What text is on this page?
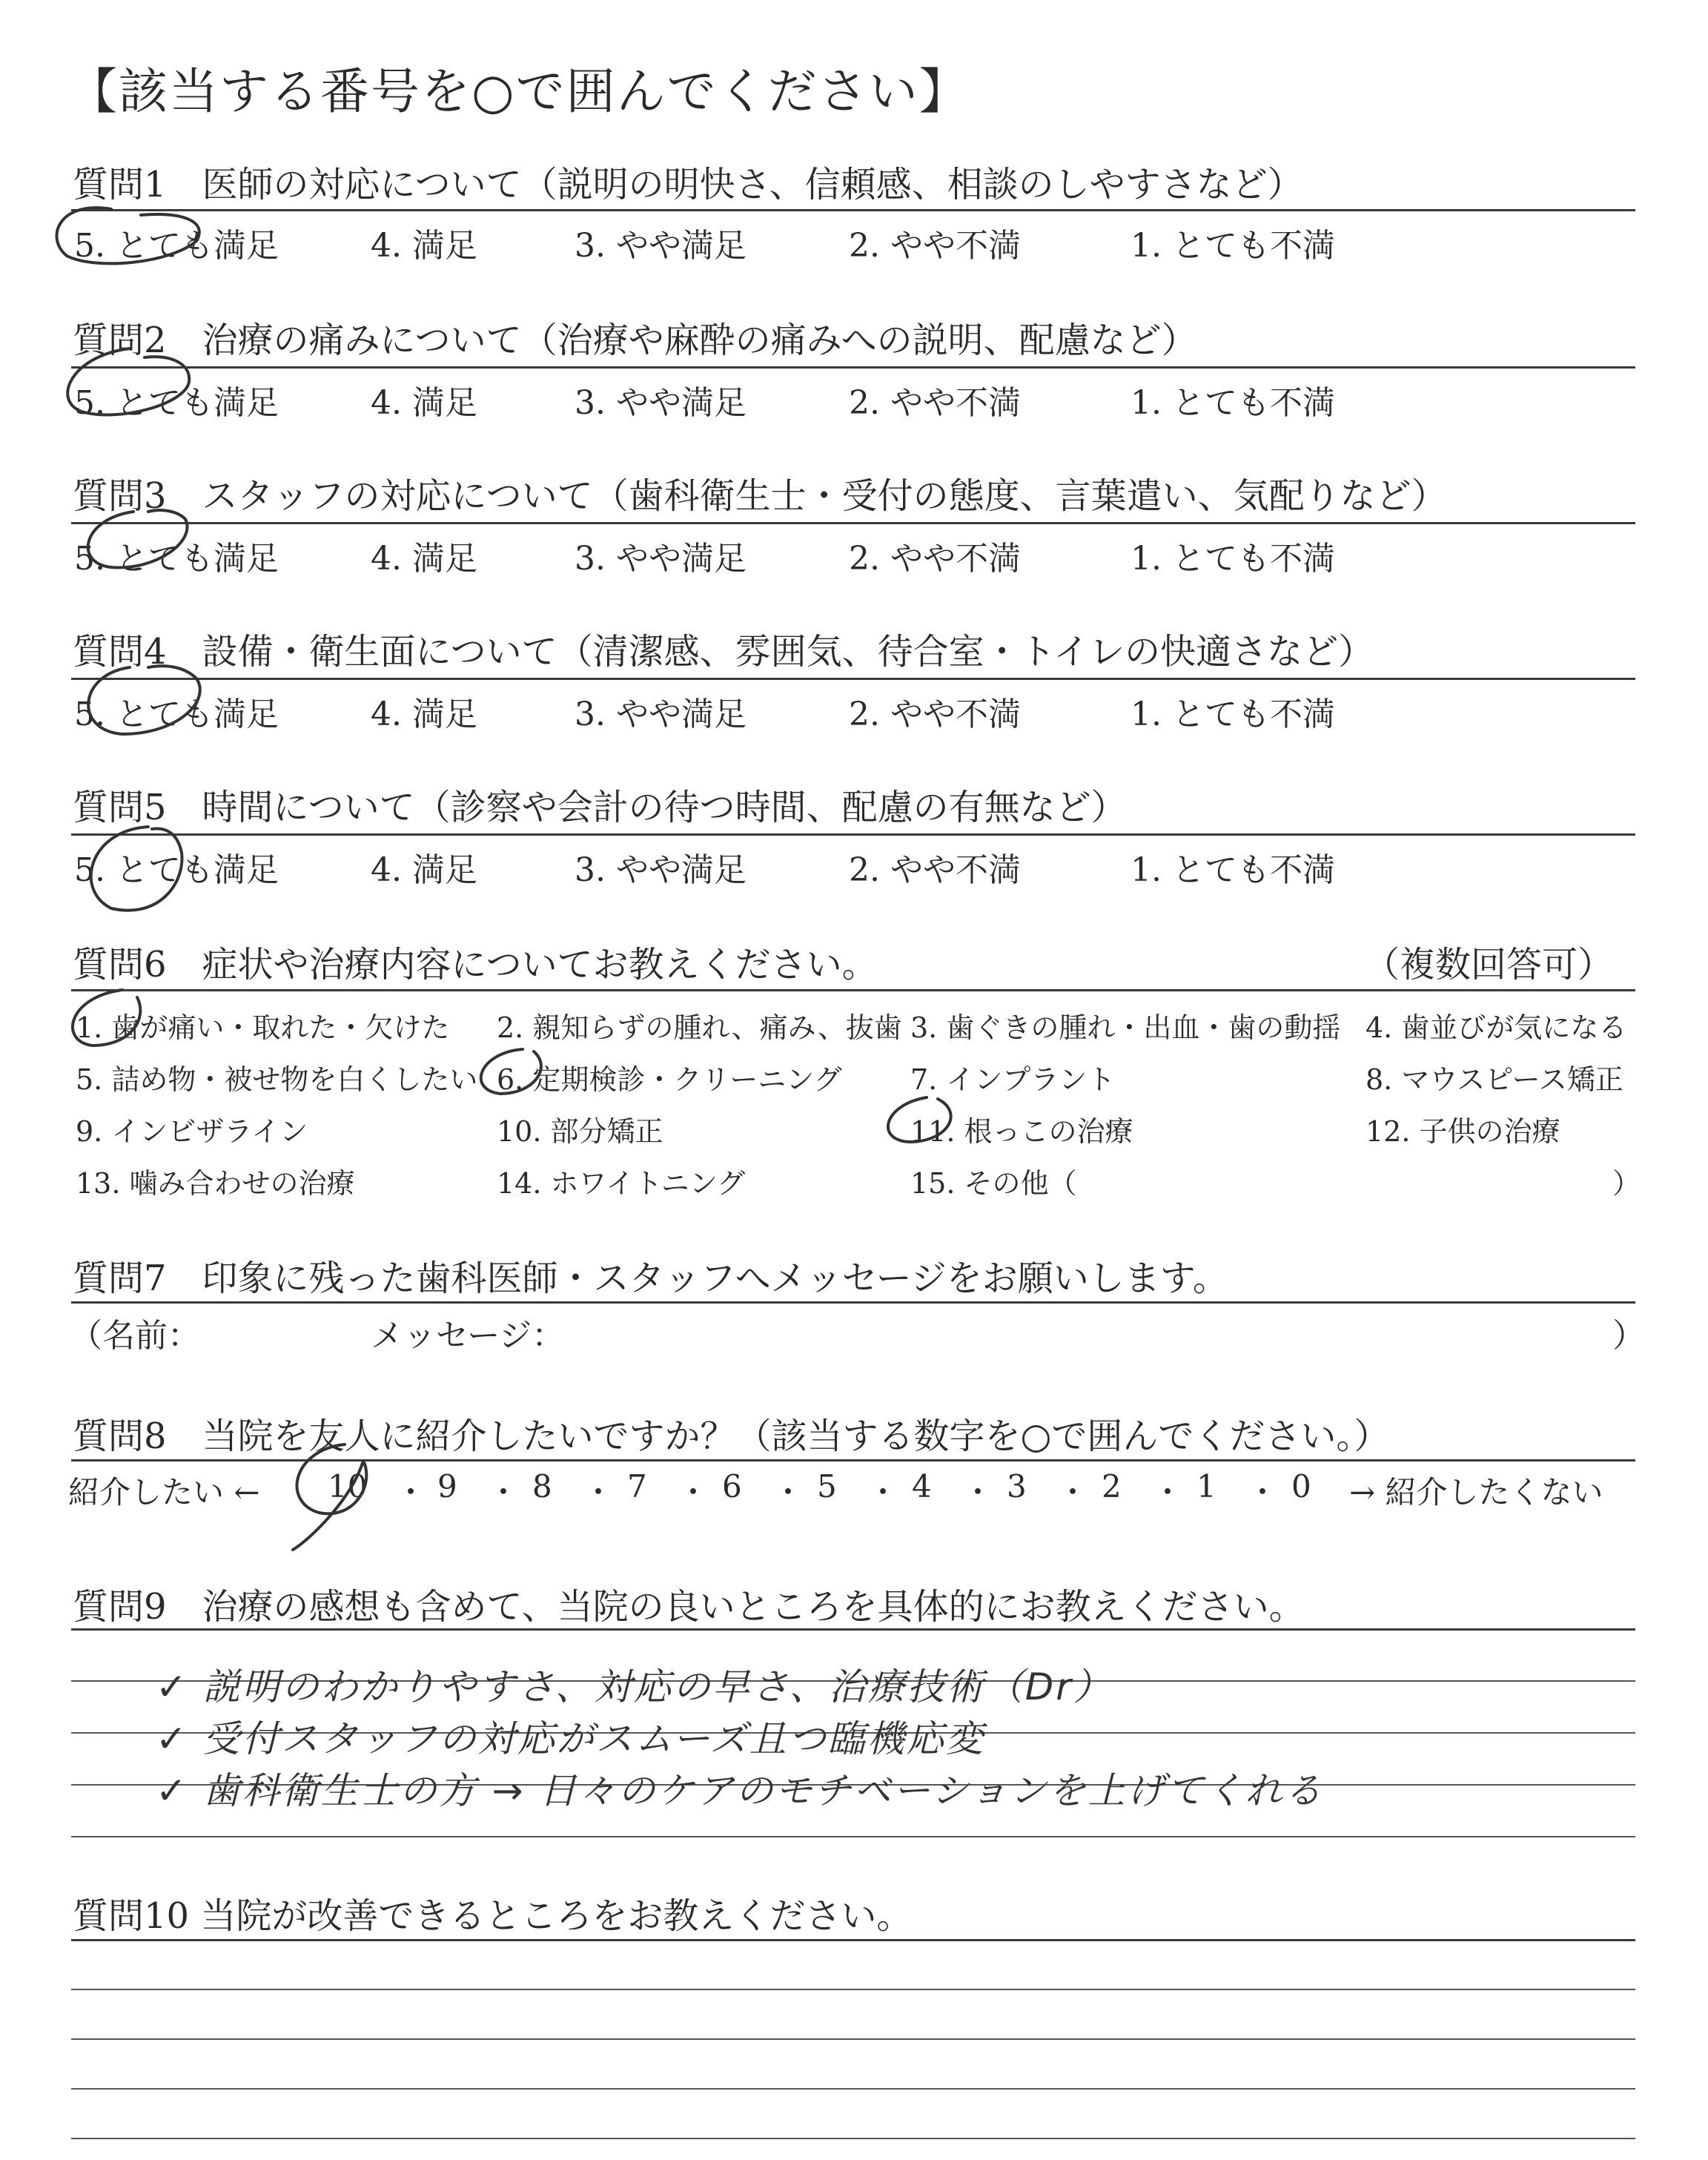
【該当する番号を○で囲んでください】
質問1　医師の対応について（説明の明快さ、信頼感、相談のしやすさなど）
5. とても満足	4. 満足	3. やや満足	2. やや不満	1. とても不満
質問2　治療の痛みについて（治療や麻酔の痛みへの説明、配慮など）
5. とても満足	4. 満足	3. やや満足	2. やや不満	1. とても不満
質問3　スタッフの対応について（歯科衛生士・受付の態度、言葉遣い、気配りなど）
5. とても満足	4. 満足	3. やや満足	2. やや不満	1. とても不満
質問4　設備・衛生面について（清潔感、雰囲気、待合室・トイレの快適さなど）
5. とても満足	4. 満足	3. やや満足	2. やや不満	1. とても不満
質問5　時間について（診察や会計の待つ時間、配慮の有無など）
5. とても満足	4. 満足	3. やや満足	2. やや不満	1. とても不満
質問6　症状や治療内容についてお教えください。	（複数回答可）
1. 歯が痛い・取れた・欠けた 2. 親知らずの腫れ、痛み、抜歯 3. 歯ぐきの腫れ・出血・歯の動揺 4. 歯並びが気になる
5. 詰め物・被せ物を白くしたい 6. 定期検診・クリーニング 7. インプラント	8. マウスピース矯正
9. インビザライン	10. 部分矯正	11. 根っこの治療	12. 子供の治療
13. 噛み合わせの治療	14. ホワイトニング	15. その他（	）
質問7　印象に残った歯科医師・スタッフへメッセージをお願いします。
（名前：	メッセージ：	）
質問8　当院を友人に紹介したいですか？（該当する数字を○で囲んでください。）
紹介したい ← 10 ・ 9 ・ 8 ・ 7 ・ 6 ・ 5 ・ 4 ・ 3 ・ 2 ・ 1 ・ 0 → 紹介したくない
質問9　治療の感想も含めて、当院の良いところを具体的にお教えください。
✓ 説明のわかりやすさ、対応の早さ、治療技術（Dr）
✓ 受付スタッフの対応がスムーズ且つ臨機応変
✓ 歯科衛生士の方 → 日々のケアのモチベーションを上げてくれる
質問10 当院が改善できるところをお教えください。
